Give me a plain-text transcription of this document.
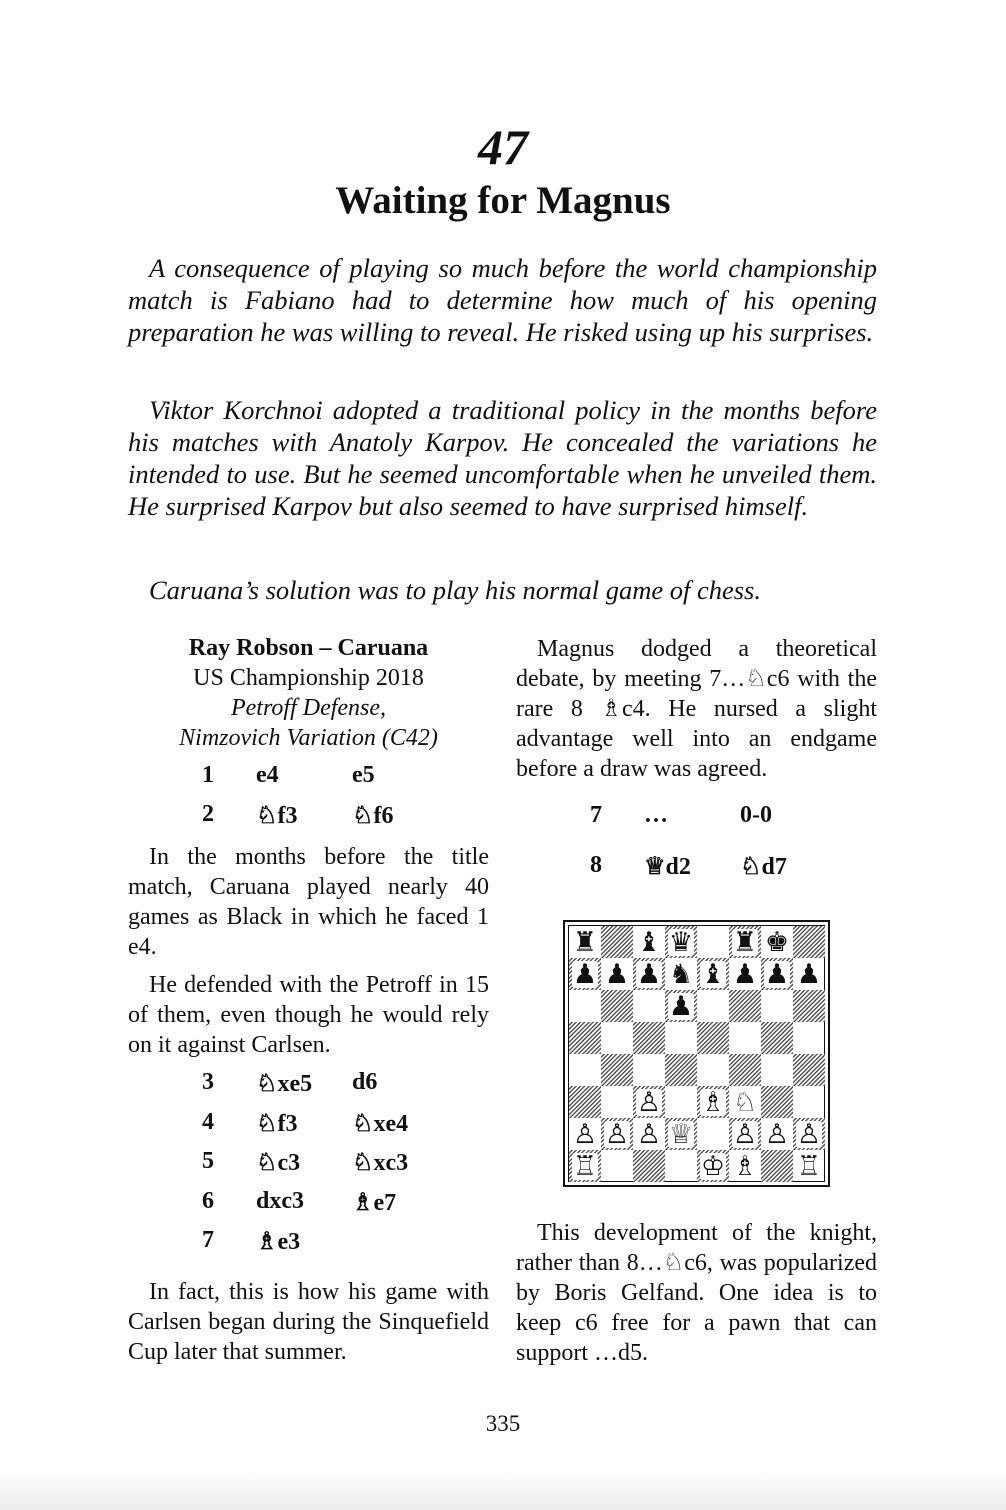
47
Waiting for Magnus

A consequence of playing so much before the world championship match is Fabiano had to determine how much of his opening preparation he was willing to reveal. He risked using up his surprises.

Viktor Korchnoi adopted a traditional policy in the months before his matches with Anatoly Karpov. He concealed the variations he intended to use. But he seemed uncomfortable when he unveiled them. He surprised Karpov but also seemed to have surprised himself.

Caruana’s solution was to play his normal game of chess.

Ray Robson – Caruana
US Championship 2018
Petroff Defense,
Nimzovich Variation (C42)
1 e4	e5
2 ♘f3 ♘f6

In the months before the title match, Caruana played nearly 40 games as Black in which he faced 1 e4.

He defended with the Petroff in 15 of them, even though he would rely on it against Carlsen.

3 ♘xe5 d6
4 ♘f3 ♘xe4
5 ♘c3 ♘xc3
6 dxc3 ♗e7
7 ♗e3

In fact, this is how his game with Carlsen began during the Sinquefield Cup later that summer.

Magnus dodged a theoretical debate, by meeting 7…♘c6 with the rare 8 ♗c4. He nursed a slight advantage well into an endgame before a draw was agreed.

7 …	0-0
8 ♕d2 ♘d7
♜ ♝ ♛ ♜ ♚
♟ ♟ ♟ ♞ ♝ ♟ ♟ ♟
♟
♙ ♗ ♘
♙ ♙ ♙ ♕ ♙ ♙ ♙
♖	♔ ♗ ♖

This development of the knight, rather than 8…♘c6, was popularized by Boris Gelfand. One idea is to keep c6 free for a pawn that can support …d5.

335
